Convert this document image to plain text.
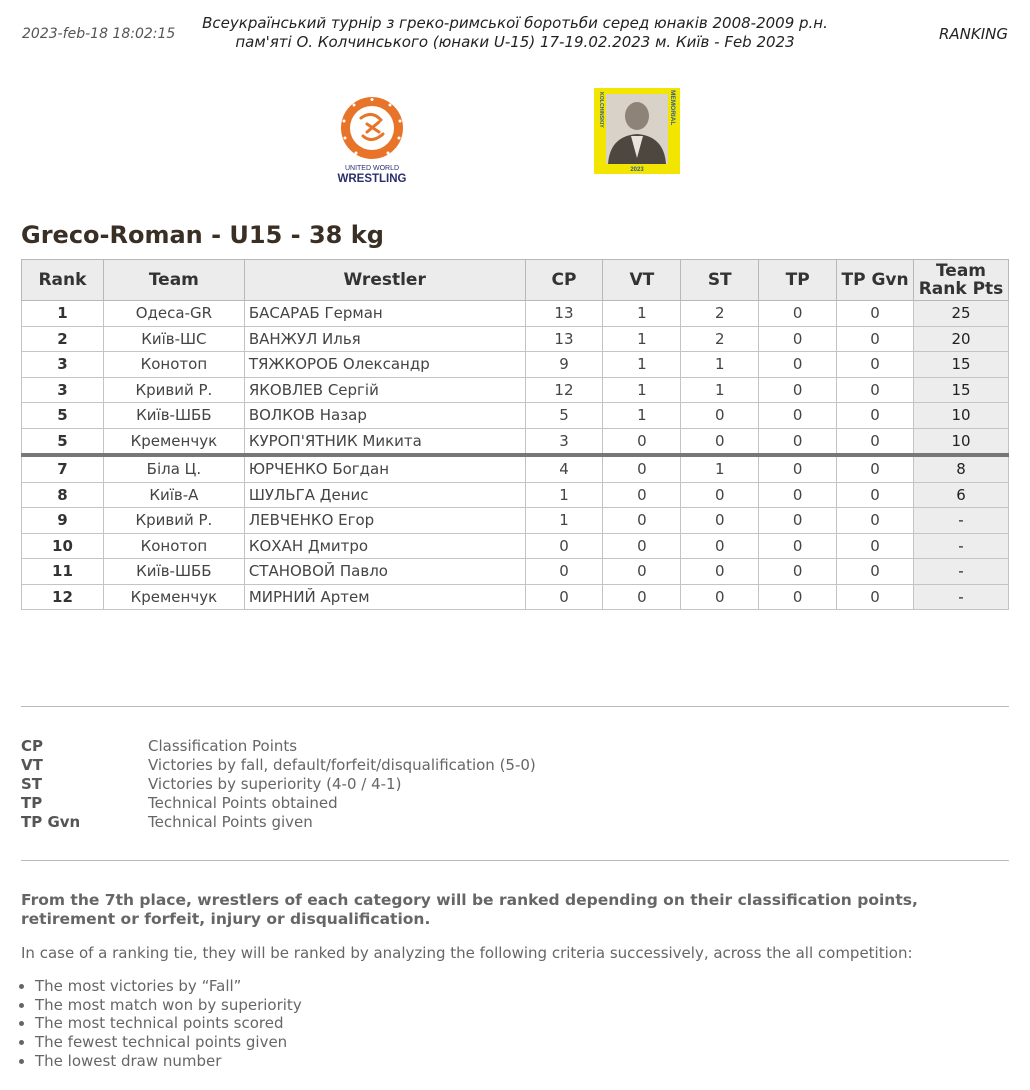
2023-feb-18 18:02:15
Всеукраїнський турнір з греко-римської боротьби серед юнаків 2008-2009 р.н.
пам'яті О. Колчинського (юнаки U-15) 17-19.02.2023 м. Київ - Feb 2023	RANKING
UNITED WORLD
WRESTLING
KOLCHINSKIY	MEMORIAL
2023
Greco-Roman - U15 - 38 kg
Rank	Team	Wrestler	CP	VT	ST	TP	TP Gvn	Team
Rank Pts

1	Одеса-GR	БАСАРАБ Герман	13	1	2	0	0	25
2	Київ-ШС	ВАНЖУЛ Илья	13	1	2	0	0	20
3	Конотоп	ТЯЖКОРОБ Олександр	9	1	1	0	0	15
3	Кривий Р.	ЯКОВЛЕВ Сергій	12	1	1	0	0	15
5	Київ-ШББ	ВОЛКОВ Назар	5	1	0	0	0	10
5	Кременчук	КУРОП'ЯТНИК Микита	3	0	0	0	0	10
7	Біла Ц.	ЮРЧЕНКО Богдан	4	0	1	0	0	8
8	Київ-А	ШУЛЬГА Денис	1	0	0	0	0	6
9	Кривий Р.	ЛЕВЧЕНКО Егор	1	0	0	0	0	-
10	Конотоп	КОХАН Дмитро	0	0	0	0	0	-
11	Київ-ШББ	СТАНОВОЙ Павло	0	0	0	0	0	-
12	Кременчук	МИРНИЙ Артем	0	0	0	0	0	-
CP	Classification Points
VT	Victories by fall, default/forfeit/disqualification (5-0)
ST	Victories by superiority (4-0 / 4-1)
TP	Technical Points obtained
TP Gvn	Technical Points given
From the 7th place, wrestlers of each category will be ranked depending on their classification points, retirement or forfeit, injury or disqualification.
In case of a ranking tie, they will be ranked by analyzing the following criteria successively, across the all competition:
• The most victories by “Fall”
• The most match won by superiority
• The most technical points scored
• The fewest technical points given
• The lowest draw number
